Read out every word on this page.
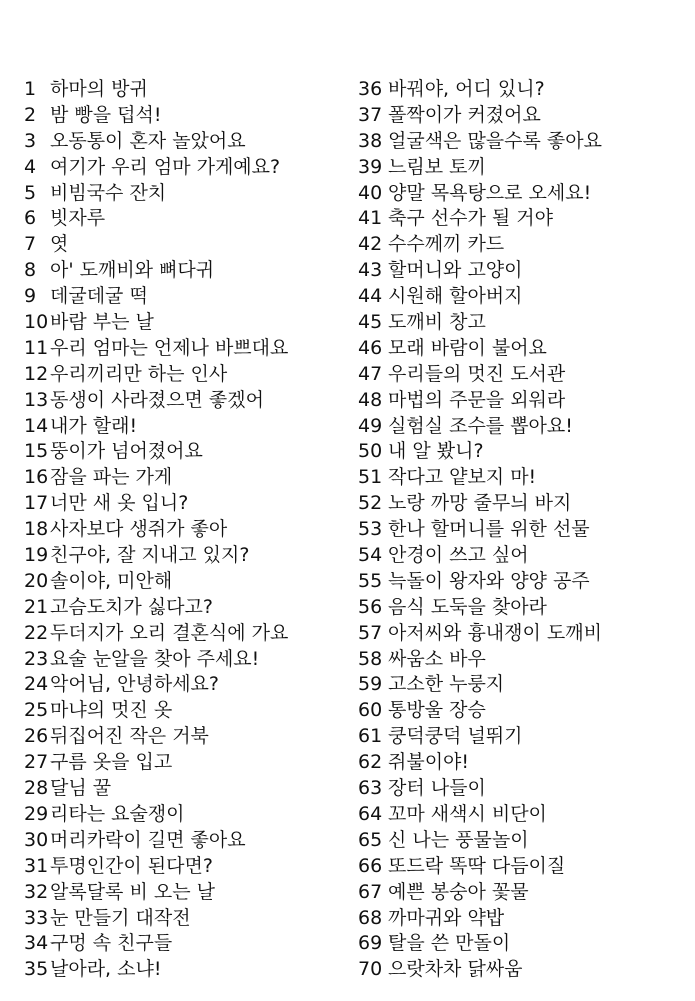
1 하마의 방귀
2 밤 빵을 덥석!
3 오동통이 혼자 놀았어요
4 여기가 우리 엄마 가게예요?
5 비빔국수 잔치
6 빗자루
7 엿
8 아' 도깨비와 뼈다귀
9 데굴데굴 떡
10바람 부는 날
11우리 엄마는 언제나 바쁘대요
12우리끼리만 하는 인사
13동생이 사라졌으면 좋겠어
14내가 할래!
15뚱이가 넘어졌어요
16잠을 파는 가게
17너만 새 옷 입니?
18사자보다 생쥐가 좋아
19친구야, 잘 지내고 있지?
20솔이야, 미안해
21고슴도치가 싫다고?
22두더지가 오리 결혼식에 가요
23요술 눈알을 찾아 주세요!
24악어님, 안녕하세요?
25마냐의 멋진 옷
26뒤집어진 작은 거북
27구름 옷을 입고
28달님 꿀
29리타는 요술쟁이
30머리카락이 길면 좋아요
31투명인간이 된다면?
32알록달록 비 오는 날
33눈 만들기 대작전
34구멍 속 친구들
35날아라, 소냐!
36 바꿔야, 어디 있니?
37 폴짝이가 커졌어요
38 얼굴색은 많을수록 좋아요
39 느림보 토끼
40 양말 목욕탕으로 오세요!
41 축구 선수가 될 거야
42 수수께끼 카드
43 할머니와 고양이
44 시원해 할아버지
45 도깨비 창고
46 모래 바람이 불어요
47 우리들의 멋진 도서관
48 마법의 주문을 외워라
49 실험실 조수를 뽑아요!
50 내 알 봤니?
51 작다고 얕보지 마!
52 노랑 까망 줄무늬 바지
53 한나 할머니를 위한 선물
54 안경이 쓰고 싶어
55 늑돌이 왕자와 양양 공주
56 음식 도둑을 찾아라
57 아저씨와 흉내쟁이 도깨비
58 싸움소 바우
59 고소한 누룽지
60 통방울 장승
61 쿵덕쿵덕 널뛰기
62 쥐불이야!
63 장터 나들이
64 꼬마 새색시 비단이
65 신 나는 풍물놀이
66 또드락 똑딱 다듬이질
67 예쁜 봉숭아 꽃물
68 까마귀와 약밥
69 탈을 쓴 만돌이
70 으랏차차 닭싸움
